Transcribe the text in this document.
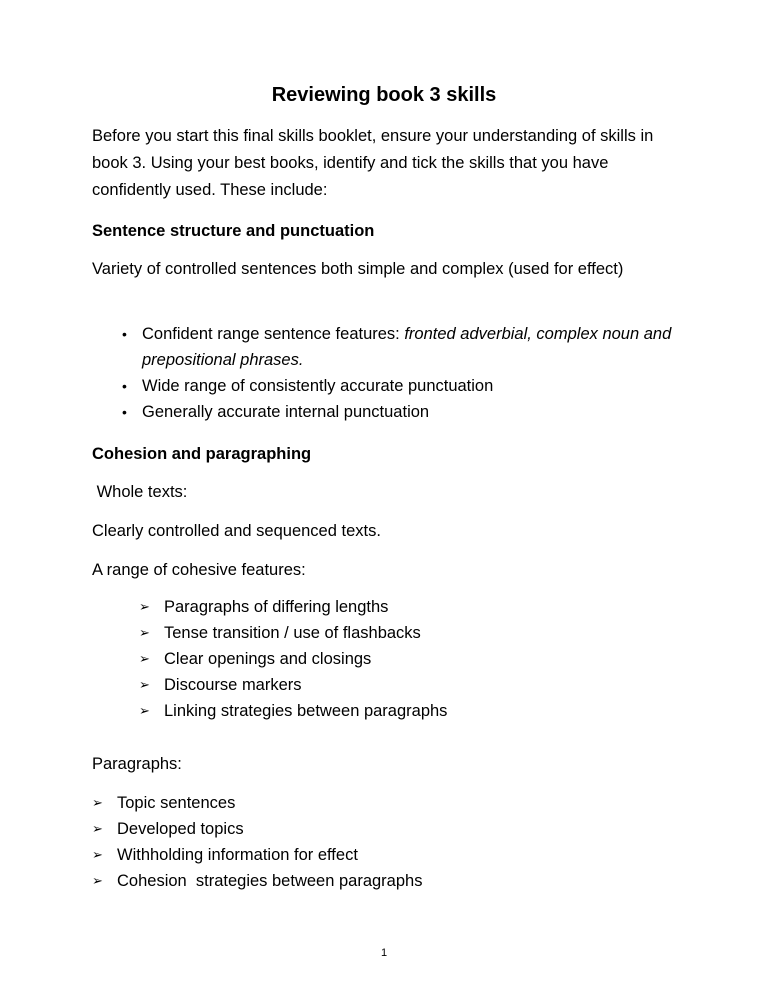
Reviewing book 3 skills

Before you start this final skills booklet, ensure your understanding of skills in book 3. Using your best books, identify and tick the skills that you have confidently used. These include:

Sentence structure and punctuation

Variety of controlled sentences both simple and complex (used for effect)

• Confident range sentence features: fronted adverbial, complex noun and prepositional phrases.
• Wide range of consistently accurate punctuation
• Generally accurate internal punctuation

Cohesion and paragraphing

Whole texts:

Clearly controlled and sequenced texts.

A range of cohesive features:

➢ Paragraphs of differing lengths
➢ Tense transition / use of flashbacks
➢ Clear openings and closings
➢ Discourse markers
➢ Linking strategies between paragraphs

Paragraphs:

➢ Topic sentences
➢ Developed topics
➢ Withholding information for effect
➢ Cohesion  strategies between paragraphs

1
